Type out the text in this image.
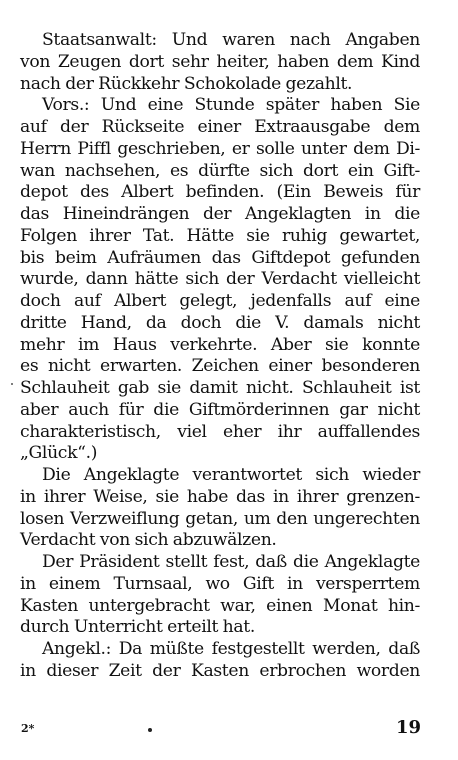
Staatsanwalt: Und waren nach Angaben
von Zeugen dort sehr heiter, haben dem Kind
nach der Rückkehr Schokolade gezahlt.
Vors.: Und eine Stunde später haben Sie
auf der Rückseite einer Extraausgabe dem
Herrn Piffl geschrieben, er solle unter dem Di-
wan nachsehen, es dürfte sich dort ein Gift-
depot des Albert befinden. (Ein Beweis für
das Hineindrängen der Angeklagten in die
Folgen ihrer Tat. Hätte sie ruhig gewartet,
bis beim Aufräumen das Giftdepot gefunden
wurde, dann hätte sich der Verdacht vielleicht
doch auf Albert gelegt, jedenfalls auf eine
dritte Hand, da doch die V. damals nicht
mehr im Haus verkehrte. Aber sie konnte
es nicht erwarten. Zeichen einer besonderen
Schlauheit gab sie damit nicht. Schlauheit ist
aber auch für die Giftmörderinnen gar nicht
charakteristisch, viel eher ihr auffallendes
„Glück“.)
Die Angeklagte verantwortet sich wieder
in ihrer Weise, sie habe das in ihrer grenzen-
losen Verzweiflung getan, um den ungerechten
Verdacht von sich abzuwälzen.
Der Präsident stellt fest, daß die Angeklagte
in einem Turnsaal, wo Gift in versperrtem
Kasten untergebracht war, einen Monat hin-
durch Unterricht erteilt hat.
Angekl.: Da müßte festgestellt werden, daß
in dieser Zeit der Kasten erbrochen worden
2*	19
